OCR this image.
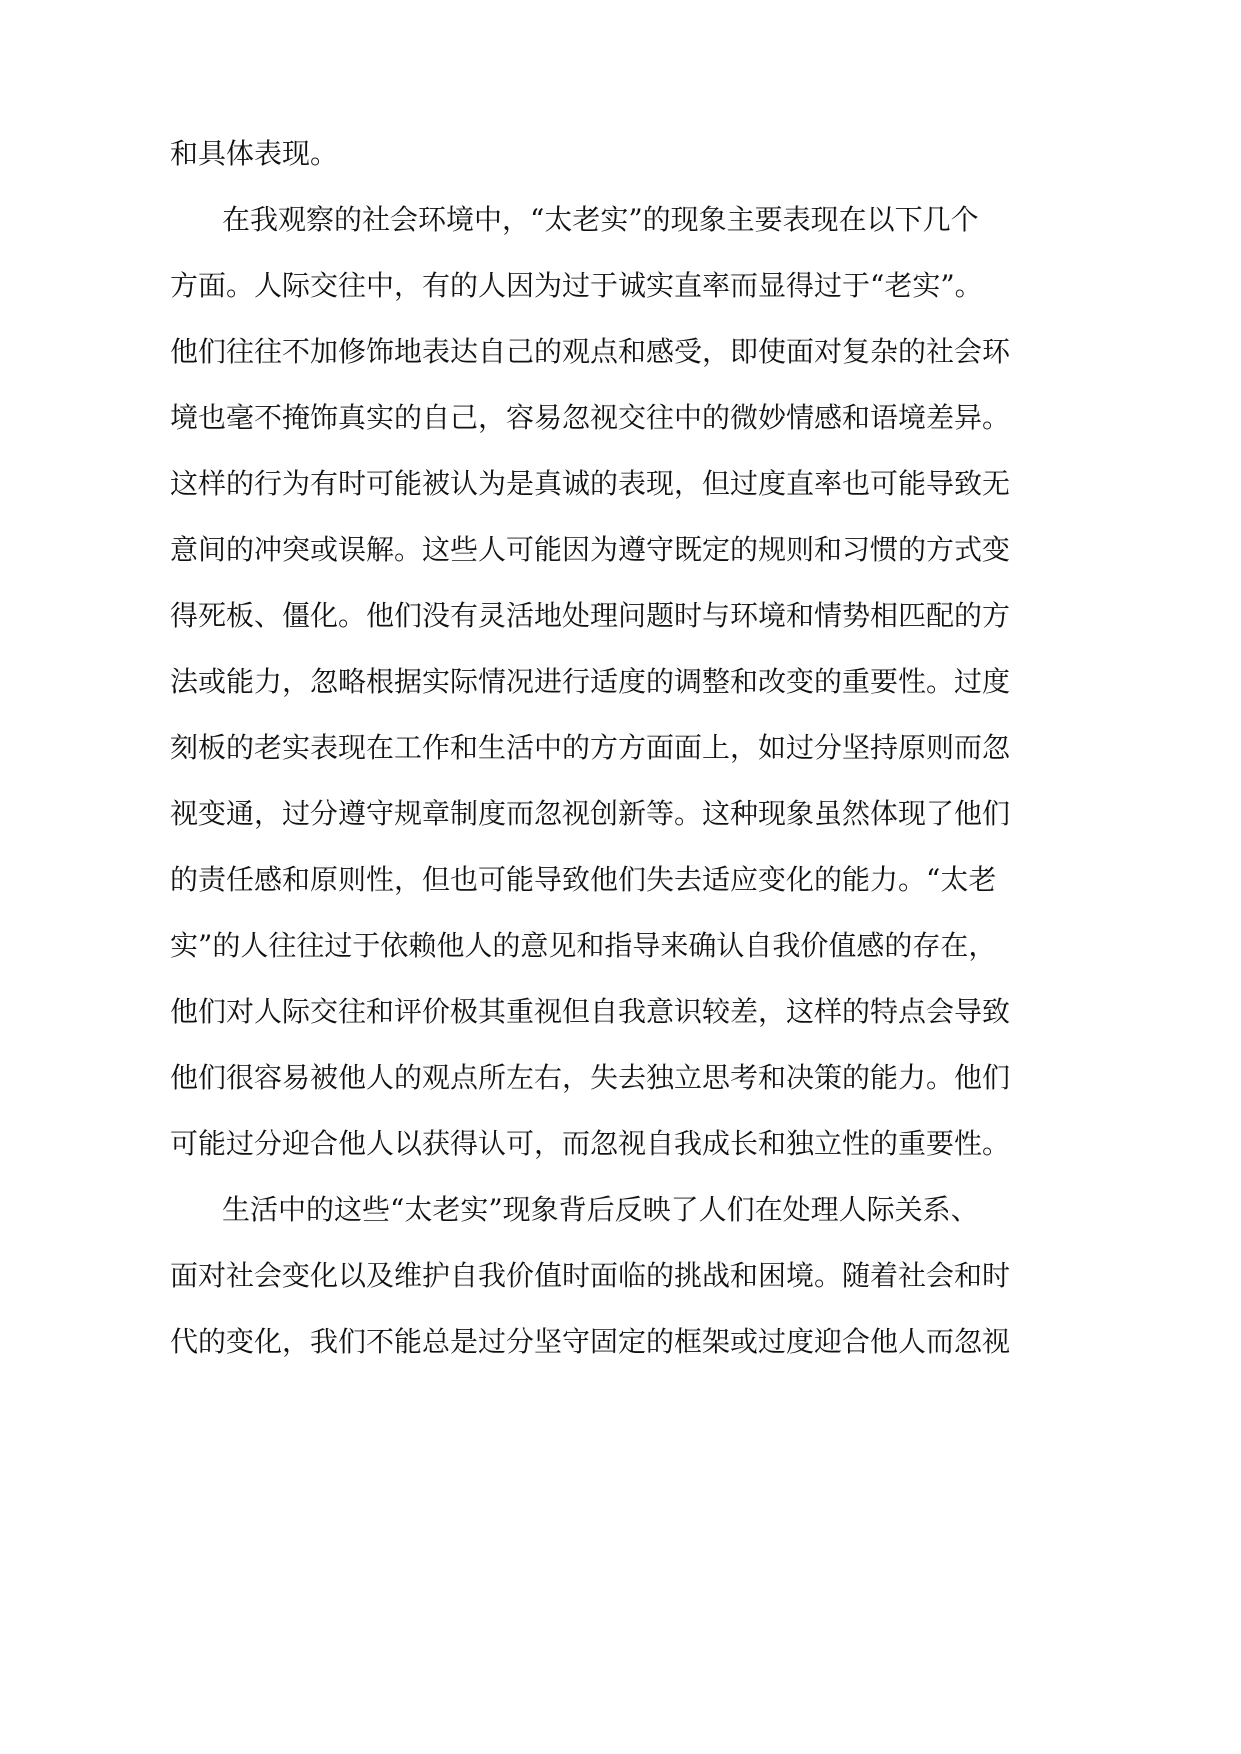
和具体表现。
在我观察的社会环境中，“太老实”的现象主要表现在以下几个
方面。人际交往中，有的人因为过于诚实直率而显得过于“老实”。
他们往往不加修饰地表达自己的观点和感受，即使面对复杂的社会环
境也毫不掩饰真实的自己，容易忽视交往中的微妙情感和语境差异。
这样的行为有时可能被认为是真诚的表现，但过度直率也可能导致无
意间的冲突或误解。这些人可能因为遵守既定的规则和习惯的方式变
得死板、僵化。他们没有灵活地处理问题时与环境和情势相匹配的方
法或能力，忽略根据实际情况进行适度的调整和改变的重要性。过度
刻板的老实表现在工作和生活中的方方面面上，如过分坚持原则而忽
视变通，过分遵守规章制度而忽视创新等。这种现象虽然体现了他们
的责任感和原则性，但也可能导致他们失去适应变化的能力。“太老
实”的人往往过于依赖他人的意见和指导来确认自我价值感的存在，
他们对人际交往和评价极其重视但自我意识较差，这样的特点会导致
他们很容易被他人的观点所左右，失去独立思考和决策的能力。他们
可能过分迎合他人以获得认可，而忽视自我成长和独立性的重要性。
生活中的这些“太老实”现象背后反映了人们在处理人际关系、
面对社会变化以及维护自我价值时面临的挑战和困境。随着社会和时
代的变化，我们不能总是过分坚守固定的框架或过度迎合他人而忽视
